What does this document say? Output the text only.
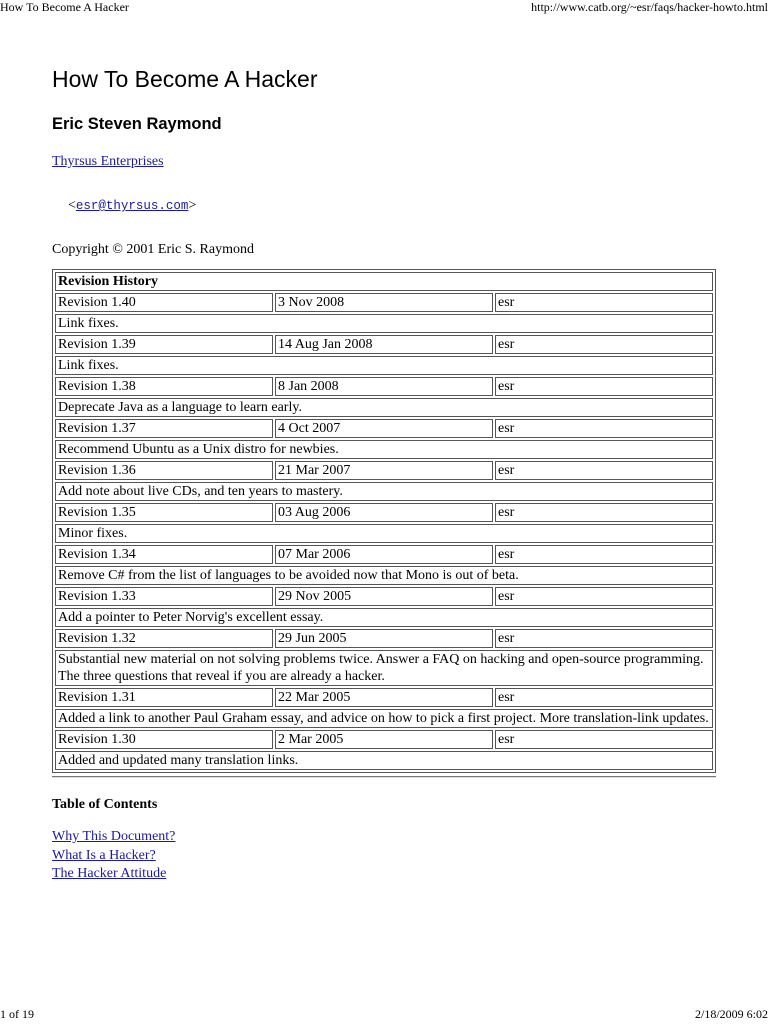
How To Become A Hacker	http://www.catb.org/~esr/faqs/hacker-howto.html
How To Become A Hacker
Eric Steven Raymond
Thyrsus Enterprises
<esr@thyrsus.com>
Copyright © 2001 Eric S. Raymond
Revision History		
Revision 1.40	3 Nov 2008	esr
Link fixes.		
Revision 1.39	14 Aug Jan 2008	esr
Link fixes.		
Revision 1.38	8 Jan 2008	esr
Deprecate Java as a language to learn early.		
Revision 1.37	4 Oct 2007	esr
Recommend Ubuntu as a Unix distro for newbies.		
Revision 1.36	21 Mar 2007	esr
Add note about live CDs, and ten years to mastery.		
Revision 1.35	03 Aug 2006	esr
Minor fixes.		
Revision 1.34	07 Mar 2006	esr
Remove C# from the list of languages to be avoided now that Mono is out of beta.		
Revision 1.33	29 Nov 2005	esr
Add a pointer to Peter Norvig's excellent essay.		
Revision 1.32	29 Jun 2005	esr
Substantial new material on not solving problems twice. Answer a FAQ on hacking and open-source programming. The three questions that reveal if you are already a hacker.		
Revision 1.31	22 Mar 2005	esr
Added a link to another Paul Graham essay, and advice on how to pick a first project. More translation-link updates.		
Revision 1.30	2 Mar 2005	esr
Added and updated many translation links.		
Table of Contents
Why This Document?
What Is a Hacker?
The Hacker Attitude
1 of 19	2/18/2009 6:02
